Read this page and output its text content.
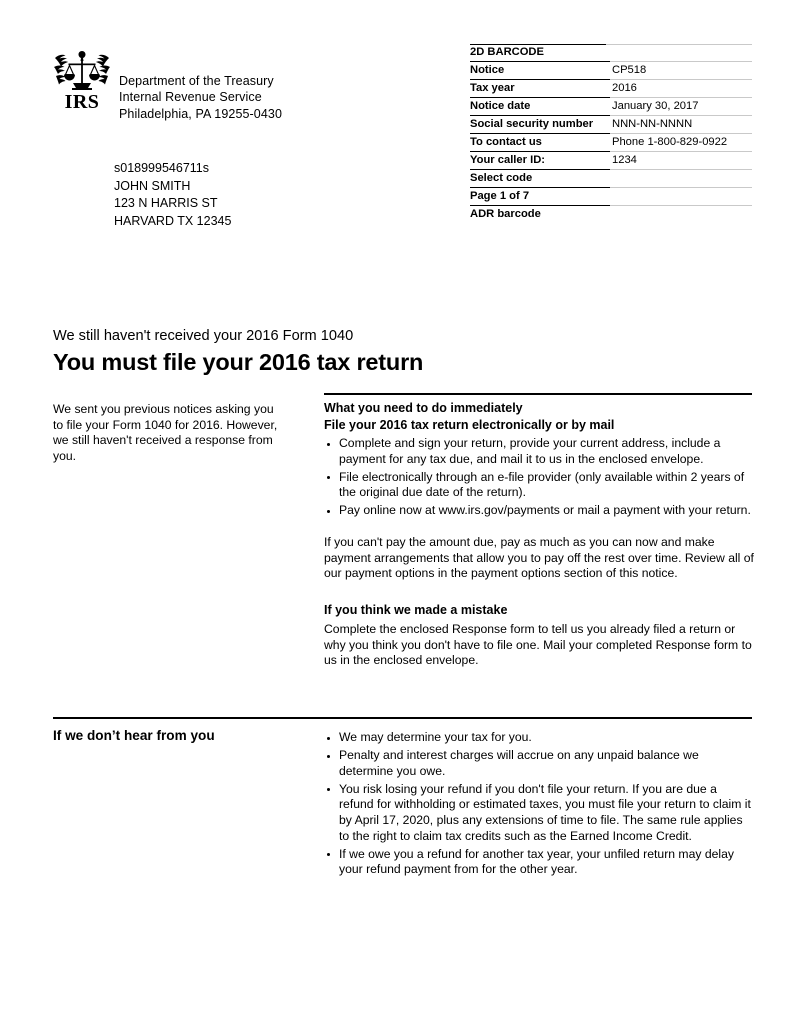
IRS
Department of the Treasury
Internal Revenue Service
Philadelphia, PA 19255-0430
s018999546711s
JOHN SMITH
123 N HARRIS ST
HARVARD TX 12345
2D BARCODE	
Notice	CP518
Tax year	2016
Notice date	January 30, 2017
Social security number	NNN-NN-NNNN
To contact us	Phone 1-800-829-0922
Your caller ID:	1234
Select code	
Page 1 of 7	
ADR barcode	
We still haven't received your 2016 Form 1040
You must file your 2016 tax return
We sent you previous notices asking you to file your Form 1040 for 2016. However, we still haven't received a response from you.
What you need to do immediately
File your 2016 tax return electronically or by mail
Complete and sign your return, provide your current address, include a payment for any tax due, and mail it to us in the enclosed envelope.
File electronically through an e-file provider (only available within 2 years of the original due date of the return).
Pay online now at www.irs.gov/payments or mail a payment with your return.

If you can't pay the amount due, pay as much as you can now and make payment arrangements that allow you to pay off the rest over time. Review all of our payment options in the payment options section of this notice.

If you think we made a mistake

Complete the enclosed Response form to tell us you already filed a return or why you think you don't have to file one. Mail your completed Response form to us in the enclosed envelope.

If we don’t hear from you	We may determine your tax for you.
Penalty and interest charges will accrue on any unpaid balance we determine you owe.
You risk losing your refund if you don't file your return. If you are due a refund for withholding or estimated taxes, you must file your return to claim it by April 17, 2020, plus any extensions of time to file. The same rule applies to the right to claim tax credits such as the Earned Income Credit.
If we owe you a refund for another tax year, your unfiled return may delay your refund payment from for the other year.
